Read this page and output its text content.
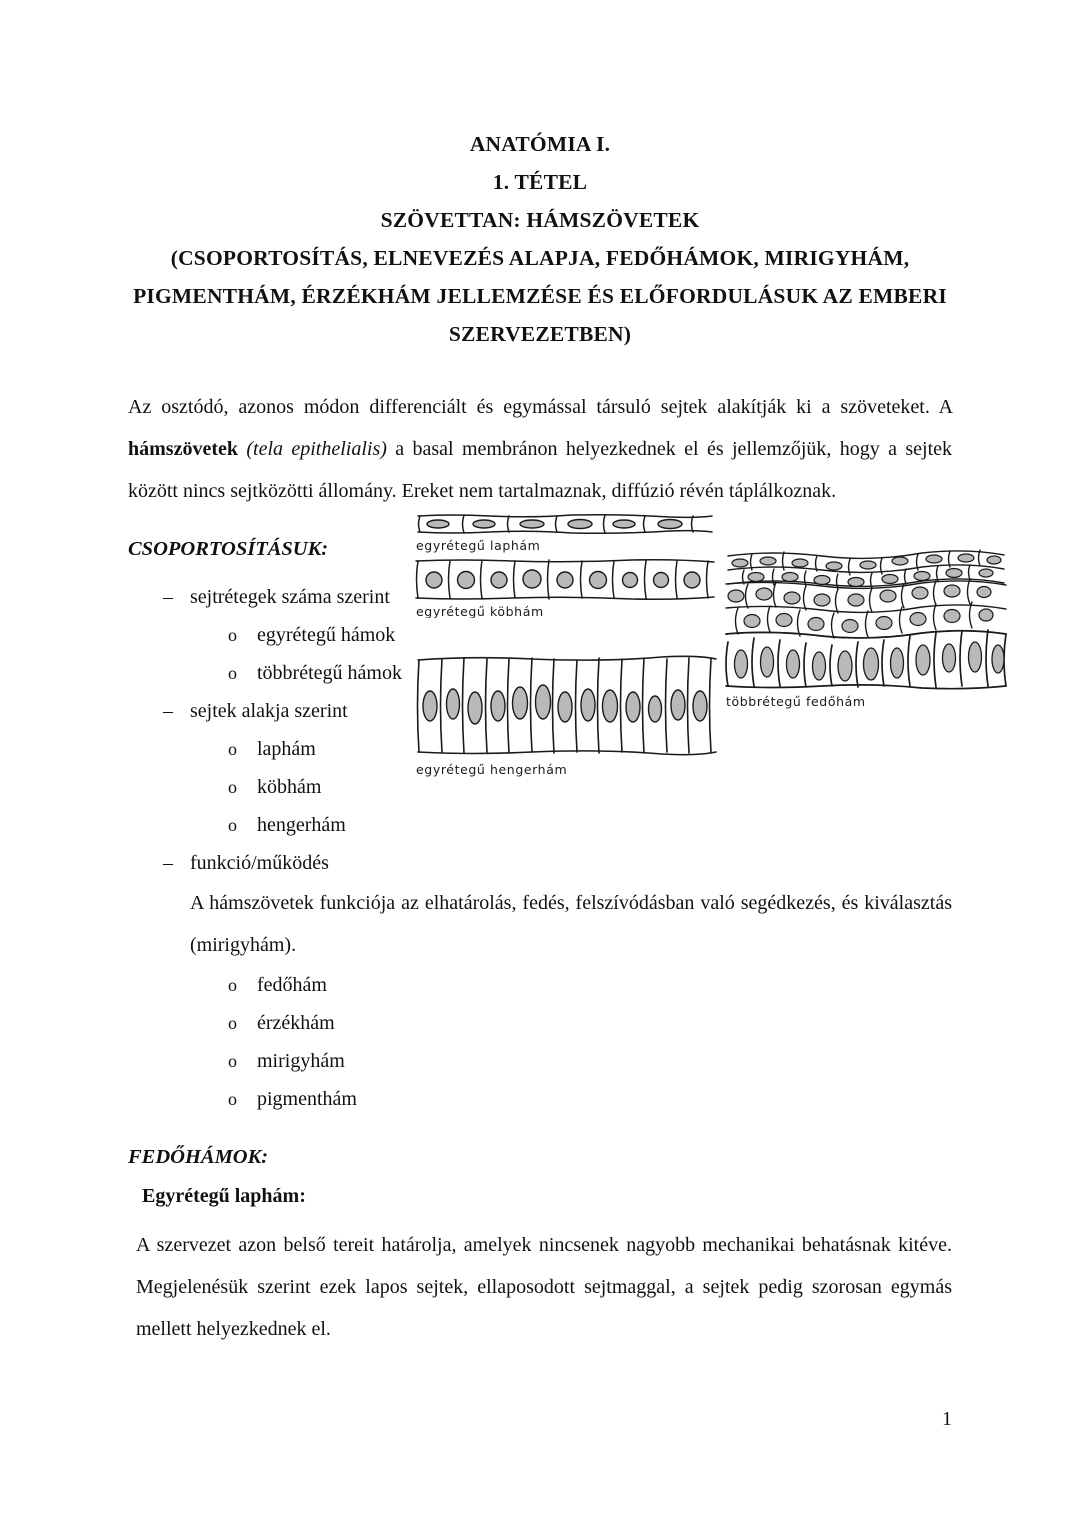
ANATÓMIA I.
1. TÉTEL
SZÖVETTAN: HÁMSZÖVETEK
(CSOPORTOSÍTÁS, ELNEVEZÉS ALAPJA, FEDŐHÁMOK, MIRIGYHÁM,
PIGMENTHÁM, ÉRZÉKHÁM JELLEMZÉSE ÉS ELŐFORDULÁSUK AZ EMBERI
SZERVEZETBEN)
Az osztódó, azonos módon differenciált és egymással társuló sejtek alakítják ki a szöveteket. A hámszövetek (tela epithelialis) a basal membránon helyezkednek el és jellemzőjük, hogy a sejtek között nincs sejtközötti állomány. Ereket nem tartalmaznak, diffúzió révén táplálkoznak.
CSOPORTOSÍTÁSUK:
– sejtrétegek száma szerint
o egyrétegű hámok
o többrétegű hámok
– sejtek alakja szerint
o laphám
o köbhám
o hengerhám
– funkció/működés
A hámszövetek funkciója az elhatárolás, fedés, felszívódásban való segédkezés, és kiválasztás (mirigyhám).
o fedőhám
o érzékhám
o mirigyhám
o pigmenthám
FEDŐHÁMOK:
Egyrétegű laphám:
A szervezet azon belső tereit határolja, amelyek nincsenek nagyobb mechanikai behatásnak kitéve. Megjelenésük szerint ezek lapos sejtek, ellaposodott sejtmaggal, a sejtek pedig szorosan egymás mellett helyezkednek el.
1
egyrétegű laphám
egyrétegű köbhám
egyrétegű hengerhám
többrétegű fedőhám
